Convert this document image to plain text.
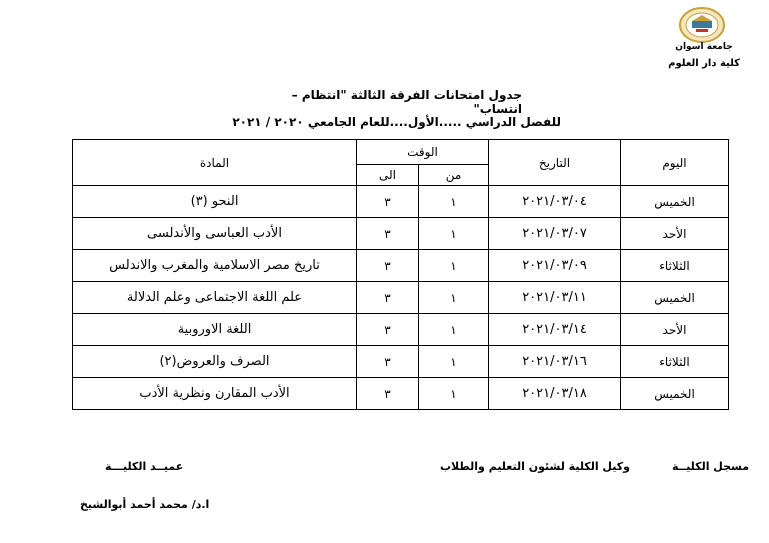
جامعة اسوان
كلية دار العلوم
جدول امتحانات الفرقة الثالثة "انتظام – انتساب"
للفصل الدراسي .....الأول....للعام الجامعي ٢٠٢٠ / ٢٠٢١
اليوم	التاريخ	الوقت		المادة
		من	الى	
الخميس	٢٠٢١/٠٣/٠٤	١	٣	النحو (٣)
الأحد	٢٠٢١/٠٣/٠٧	١	٣	الأدب العباسى والأندلسى
الثلاثاء	٢٠٢١/٠٣/٠٩	١	٣	تاريخ مصر الاسلامية والمغرب والاندلس
الخميس	٢٠٢١/٠٣/١١	١	٣	علم اللغة الاجتماعى وعلم الدلالة
الأحد	٢٠٢١/٠٣/١٤	١	٣	اللغة الاوروبية
الثلاثاء	٢٠٢١/٠٣/١٦	١	٣	الصرف والعروض(٢)
الخميس	٢٠٢١/٠٣/١٨	١	٣	الأدب المقارن ونظرية الأدب
مسجل الكليــة
وكيل الكلية لشئون التعليم والطلاب
عميــد الكليـــة
ا.د/ محمد أحمد أبوالشيخ
